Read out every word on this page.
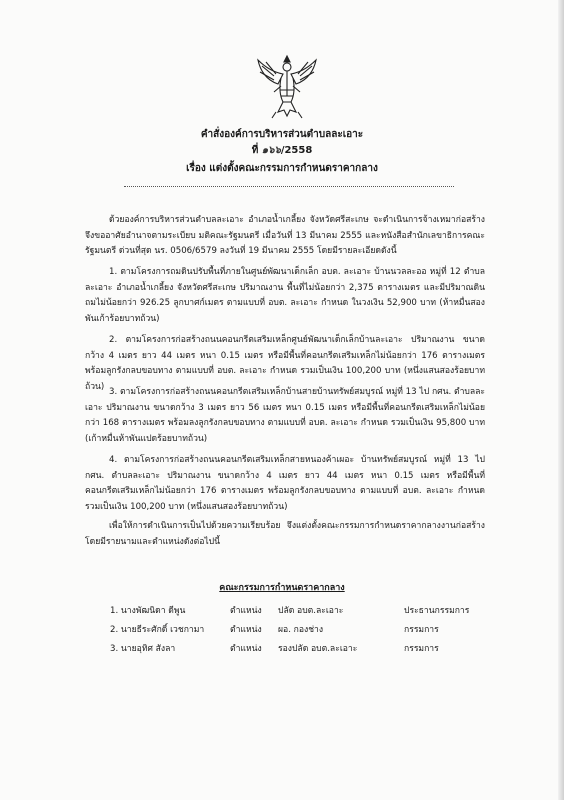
คำสั่งองค์การบริหารส่วนตำบลละเอาะ
ที่ ๑๖๖/2558
เรื่อง แต่งตั้งคณะกรรมการกำหนดราคากลาง
ด้วยองค์การบริหารส่วนตำบลละเอาะ อำเภอน้ำเกลี้ยง จังหวัดศรีสะเกษ จะดำเนินการจ้างเหมาก่อสร้าง จึงขออาศัยอำนาจตามระเบียบ มติคณะรัฐมนตรี เมื่อวันที่ 13 มีนาคม 2555 และหนังสือสำนักเลขาธิการคณะรัฐมนตรี ด่วนที่สุด นร. 0506/6579 ลงวันที่ 19 มีนาคม 2555 โดยมีรายละเอียดดังนี้
1. ตามโครงการถมดินปรับพื้นที่ภายในศูนย์พัฒนาเด็กเล็ก อบต. ละเอาะ บ้านนวลละออ หมู่ที่ 12 ตำบลละเอาะ อำเภอน้ำเกลี้ยง จังหวัดศรีสะเกษ ปริมาณงาน พื้นที่ไม่น้อยกว่า 2,375 ตารางเมตร และมีปริมาณดินถมไม่น้อยกว่า 926.25 ลูกบาศก์เมตร ตามแบบที่ อบต. ละเอาะ กำหนด ในวงเงิน 52,900 บาท (ห้าหมื่นสองพันเก้าร้อยบาทถ้วน)
2. ตามโครงการก่อสร้างถนนคอนกรีตเสริมเหล็กศูนย์พัฒนาเด็กเล็กบ้านละเอาะ ปริมาณงาน ขนาดกว้าง 4 เมตร ยาว 44 เมตร หนา 0.15 เมตร หรือมีพื้นที่คอนกรีตเสริมเหล็กไม่น้อยกว่า 176 ตารางเมตร พร้อมลูกรังกลบขอบทาง ตามแบบที่ อบต. ละเอาะ กำหนด รวมเป็นเงิน 100,200 บาท (หนึ่งแสนสองร้อยบาทถ้วน)
3. ตามโครงการก่อสร้างถนนคอนกรีตเสริมเหล็กบ้านสายบ้านทรัพย์สมบูรณ์ หมู่ที่ 13 ไป กศน. ตำบลละเอาะ ปริมาณงาน ขนาดกว้าง 3 เมตร ยาว 56 เมตร หนา 0.15 เมตร หรือมีพื้นที่คอนกรีตเสริมเหล็กไม่น้อยกว่า 168 ตารางเมตร พร้อมลงลูกรังกลบขอบทาง ตามแบบที่ อบต. ละเอาะ กำหนด รวมเป็นเงิน 95,800 บาท (เก้าหมื่นห้าพันแปดร้อยบาทถ้วน)
4. ตามโครงการก่อสร้างถนนคอนกรีตเสริมเหล็กสายหนองค้าเผอะ บ้านทรัพย์สมบูรณ์ หมู่ที่ 13 ไป กศน. ตำบลละเอาะ ปริมาณงาน ขนาดกว้าง 4 เมตร ยาว 44 เมตร หนา 0.15 เมตร หรือมีพื้นที่คอนกรีตเสริมเหล็กไม่น้อยกว่า 176 ตารางเมตร พร้อมลูกรังกลบขอบทาง ตามแบบที่ อบต. ละเอาะ กำหนด รวมเป็นเงิน 100,200 บาท (หนึ่งแสนสองร้อยบาทถ้วน)
เพื่อให้การดำเนินการเป็นไปด้วยความเรียบร้อย จึงแต่งตั้งคณะกรรมการกำหนดราคากลางงานก่อสร้าง โดยมีรายนามและตำแหน่งดังต่อไปนี้
คณะกรรมการกำหนดราคากลาง
1. นางพัฒนิดา ดีพูน	ตำแหน่ง ปลัด อบต.ละเอาะ	ประธานกรรมการ
2. นายธีระศักดิ์ เวชกามา	ตำแหน่ง ผอ. กองช่าง	กรรมการ
3. นายอุทิศ สังลา	ตำแหน่ง รองปลัด อบต.ละเอาะ	กรรมการ
